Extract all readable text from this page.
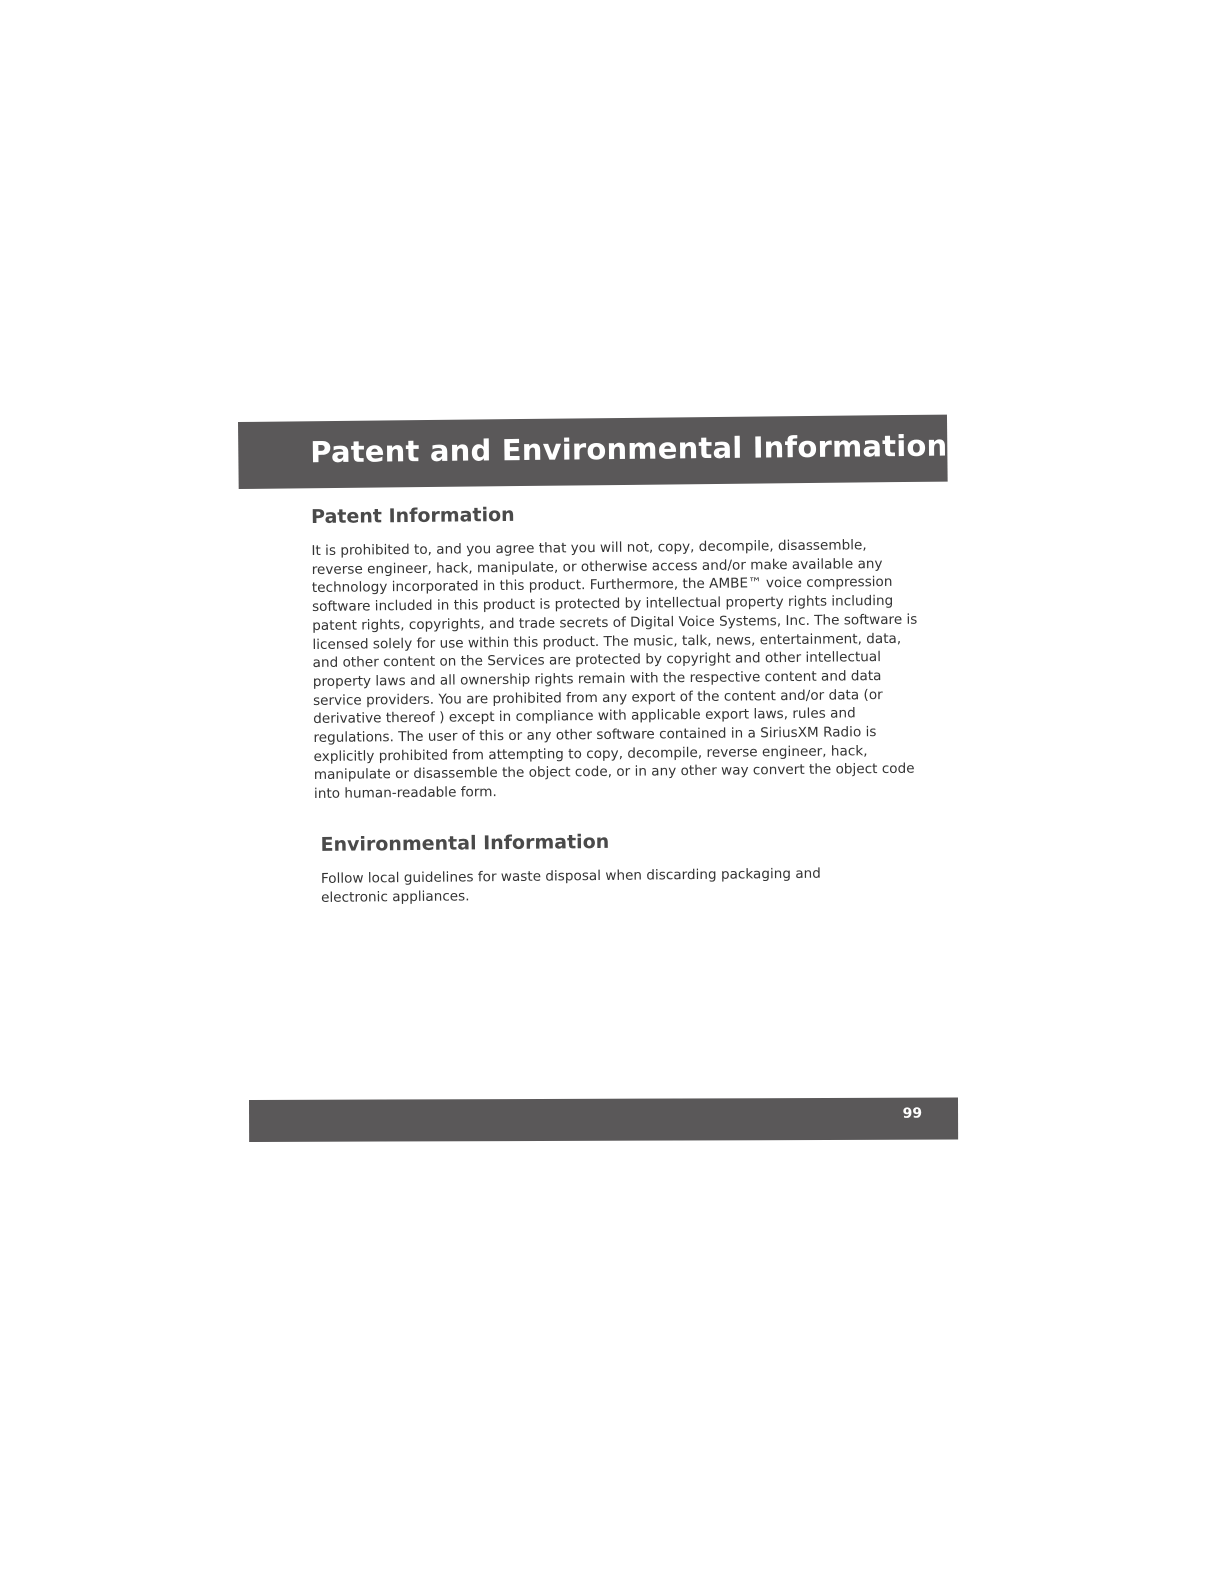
Patent and Environmental Information
Patent Information

It is prohibited to, and you agree that you will not, copy, decompile, disassemble, reverse engineer, hack, manipulate, or otherwise access and/or make available any technology incorporated in this product. Furthermore, the AMBE™ voice compression software included in this product is protected by intellectual property rights including patent rights, copyrights, and trade secrets of Digital Voice Systems, Inc. The software is licensed solely for use within this product. The music, talk, news, entertainment, data, and other content on the Services are protected by copyright and other intellectual property laws and all ownership rights remain with the respective content and data service providers. You are prohibited from any export of the content and/or data (or derivative thereof ) except in compliance with applicable export laws, rules and regulations. The user of this or any other software contained in a SiriusXM Radio is explicitly prohibited from attempting to copy, decompile, reverse engineer, hack, manipulate or disassemble the object code, or in any other way convert the object code into human-readable form.

Environmental Information

Follow local guidelines for waste disposal when discarding packaging and electronic appliances.

99
